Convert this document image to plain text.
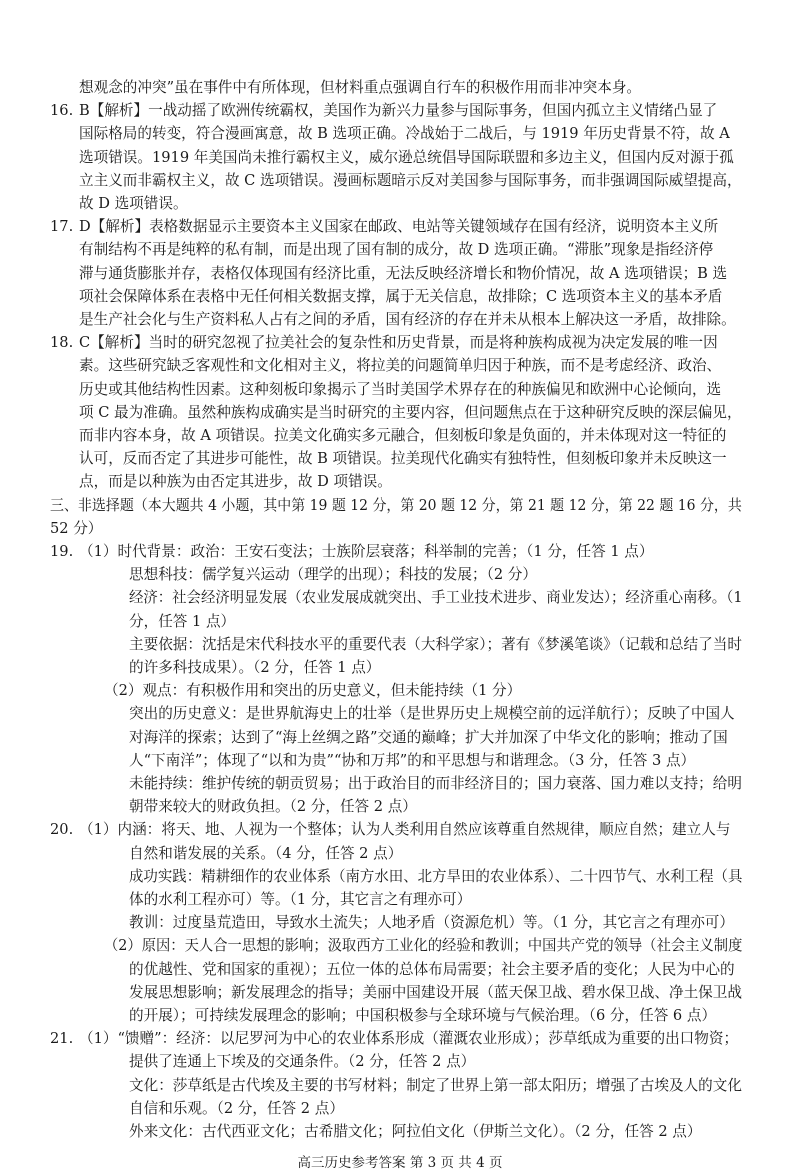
想观念的冲突”虽在事件中有所体现，但材料重点强调自行车的积极作用而非冲突本身。
16. B【解析】一战动摇了欧洲传统霸权，美国作为新兴力量参与国际事务，但国内孤立主义情绪凸显了
国际格局的转变，符合漫画寓意，故 B 选项正确。冷战始于二战后，与 1919 年历史背景不符，故 A
选项错误。1919 年美国尚未推行霸权主义，威尔逊总统倡导国际联盟和多边主义，但国内反对源于孤
立主义而非霸权主义，故 C 选项错误。漫画标题暗示反对美国参与国际事务，而非强调国际威望提高，
故 D 选项错误。
17. D【解析】表格数据显示主要资本主义国家在邮政、电站等关键领域存在国有经济，说明资本主义所
有制结构不再是纯粹的私有制，而是出现了国有制的成分，故 D 选项正确。“滞胀”现象是指经济停
滞与通货膨胀并存，表格仅体现国有经济比重，无法反映经济增长和物价情况，故 A 选项错误；B 选
项社会保障体系在表格中无任何相关数据支撑，属于无关信息，故排除；C 选项资本主义的基本矛盾
是生产社会化与生产资料私人占有之间的矛盾，国有经济的存在并未从根本上解决这一矛盾，故排除。
18. C【解析】当时的研究忽视了拉美社会的复杂性和历史背景，而是将种族构成视为决定发展的唯一因
素。这些研究缺乏客观性和文化相对主义，将拉美的问题简单归因于种族，而不是考虑经济、政治、
历史或其他结构性因素。这种刻板印象揭示了当时美国学术界存在的种族偏见和欧洲中心论倾向，选
项 C 最为准确。虽然种族构成确实是当时研究的主要内容，但问题焦点在于这种研究反映的深层偏见，
而非内容本身，故 A 项错误。拉美文化确实多元融合，但刻板印象是负面的，并未体现对这一特征的
认可，反而否定了其进步可能性，故 B 项错误。拉美现代化确实有独特性，但刻板印象并未反映这一
点，而是以种族为由否定其进步，故 D 项错误。
三、非选择题（本大题共 4 小题，其中第 19 题 12 分，第 20 题 12 分，第 21 题 12 分，第 22 题 16 分，共
52 分）
19. （1）时代背景：政治：王安石变法；士族阶层衰落；科举制的完善；（1 分，任答 1 点）
思想科技：儒学复兴运动（理学的出现）；科技的发展；（2 分）
经济：社会经济明显发展（农业发展成就突出、手工业技术进步、商业发达）；经济重心南移。（1
分，任答 1 点）
主要依据：沈括是宋代科技水平的重要代表（大科学家）；著有《梦溪笔谈》（记载和总结了当时
的许多科技成果）。（2 分，任答 1 点）
（2）观点：有积极作用和突出的历史意义，但未能持续（1 分）
突出的历史意义：是世界航海史上的壮举（是世界历史上规模空前的远洋航行）；反映了中国人
对海洋的探索；达到了“海上丝绸之路”交通的巅峰；扩大并加深了中华文化的影响；推动了国
人“下南洋”；体现了“以和为贵”“协和万邦”的和平思想与和谐理念。（3 分，任答 3 点）
未能持续：维护传统的朝贡贸易；出于政治目的而非经济目的；国力衰落、国力难以支持；给明
朝带来较大的财政负担。（2 分，任答 2 点）
20. （1）内涵：将天、地、人视为一个整体；认为人类利用自然应该尊重自然规律，顺应自然；建立人与
自然和谐发展的关系。（4 分，任答 2 点）
成功实践：精耕细作的农业体系（南方水田、北方旱田的农业体系）、二十四节气、水利工程（具
体的水利工程亦可）等。（1 分，其它言之有理亦可）
教训：过度垦荒造田，导致水土流失；人地矛盾（资源危机）等。（1 分，其它言之有理亦可）
（2）原因：天人合一思想的影响；汲取西方工业化的经验和教训；中国共产党的领导（社会主义制度
的优越性、党和国家的重视）；五位一体的总体布局需要；社会主要矛盾的变化；人民为中心的
发展思想影响；新发展理念的指导；美丽中国建设开展（蓝天保卫战、碧水保卫战、净土保卫战
的开展）；可持续发展理念的影响；中国积极参与全球环境与气候治理。（6 分，任答 6 点）
21. （1）“馈赠”：经济：以尼罗河为中心的农业体系形成（灌溉农业形成）；莎草纸成为重要的出口物资；
高三历史参考答案 第 3 页 共 4 页
提供了连通上下埃及的交通条件。（2 分，任答 2 点）
文化：莎草纸是古代埃及主要的书写材料；制定了世界上第一部太阳历；增强了古埃及人的文化
自信和乐观。（2 分，任答 2 点）
外来文化：古代西亚文化；古希腊文化；阿拉伯文化（伊斯兰文化）。（2 分，任答 2 点）
